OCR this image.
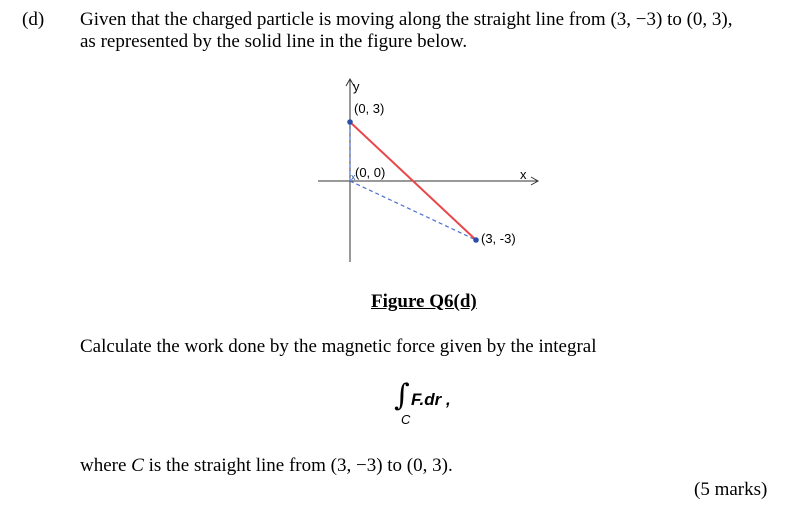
(d) Given that the charged particle is moving along the straight line from (3, −3) to (0, 3),
as represented by the solid line in the figure below.
x
y
x
(0, 3)
(0, 0)
(3, -3)
Figure Q6(d)
Calculate the work done by the magnetic force given by the integral
∫ F.dr ,
C
where C is the straight line from (3, −3) to (0, 3).
(5 marks)
